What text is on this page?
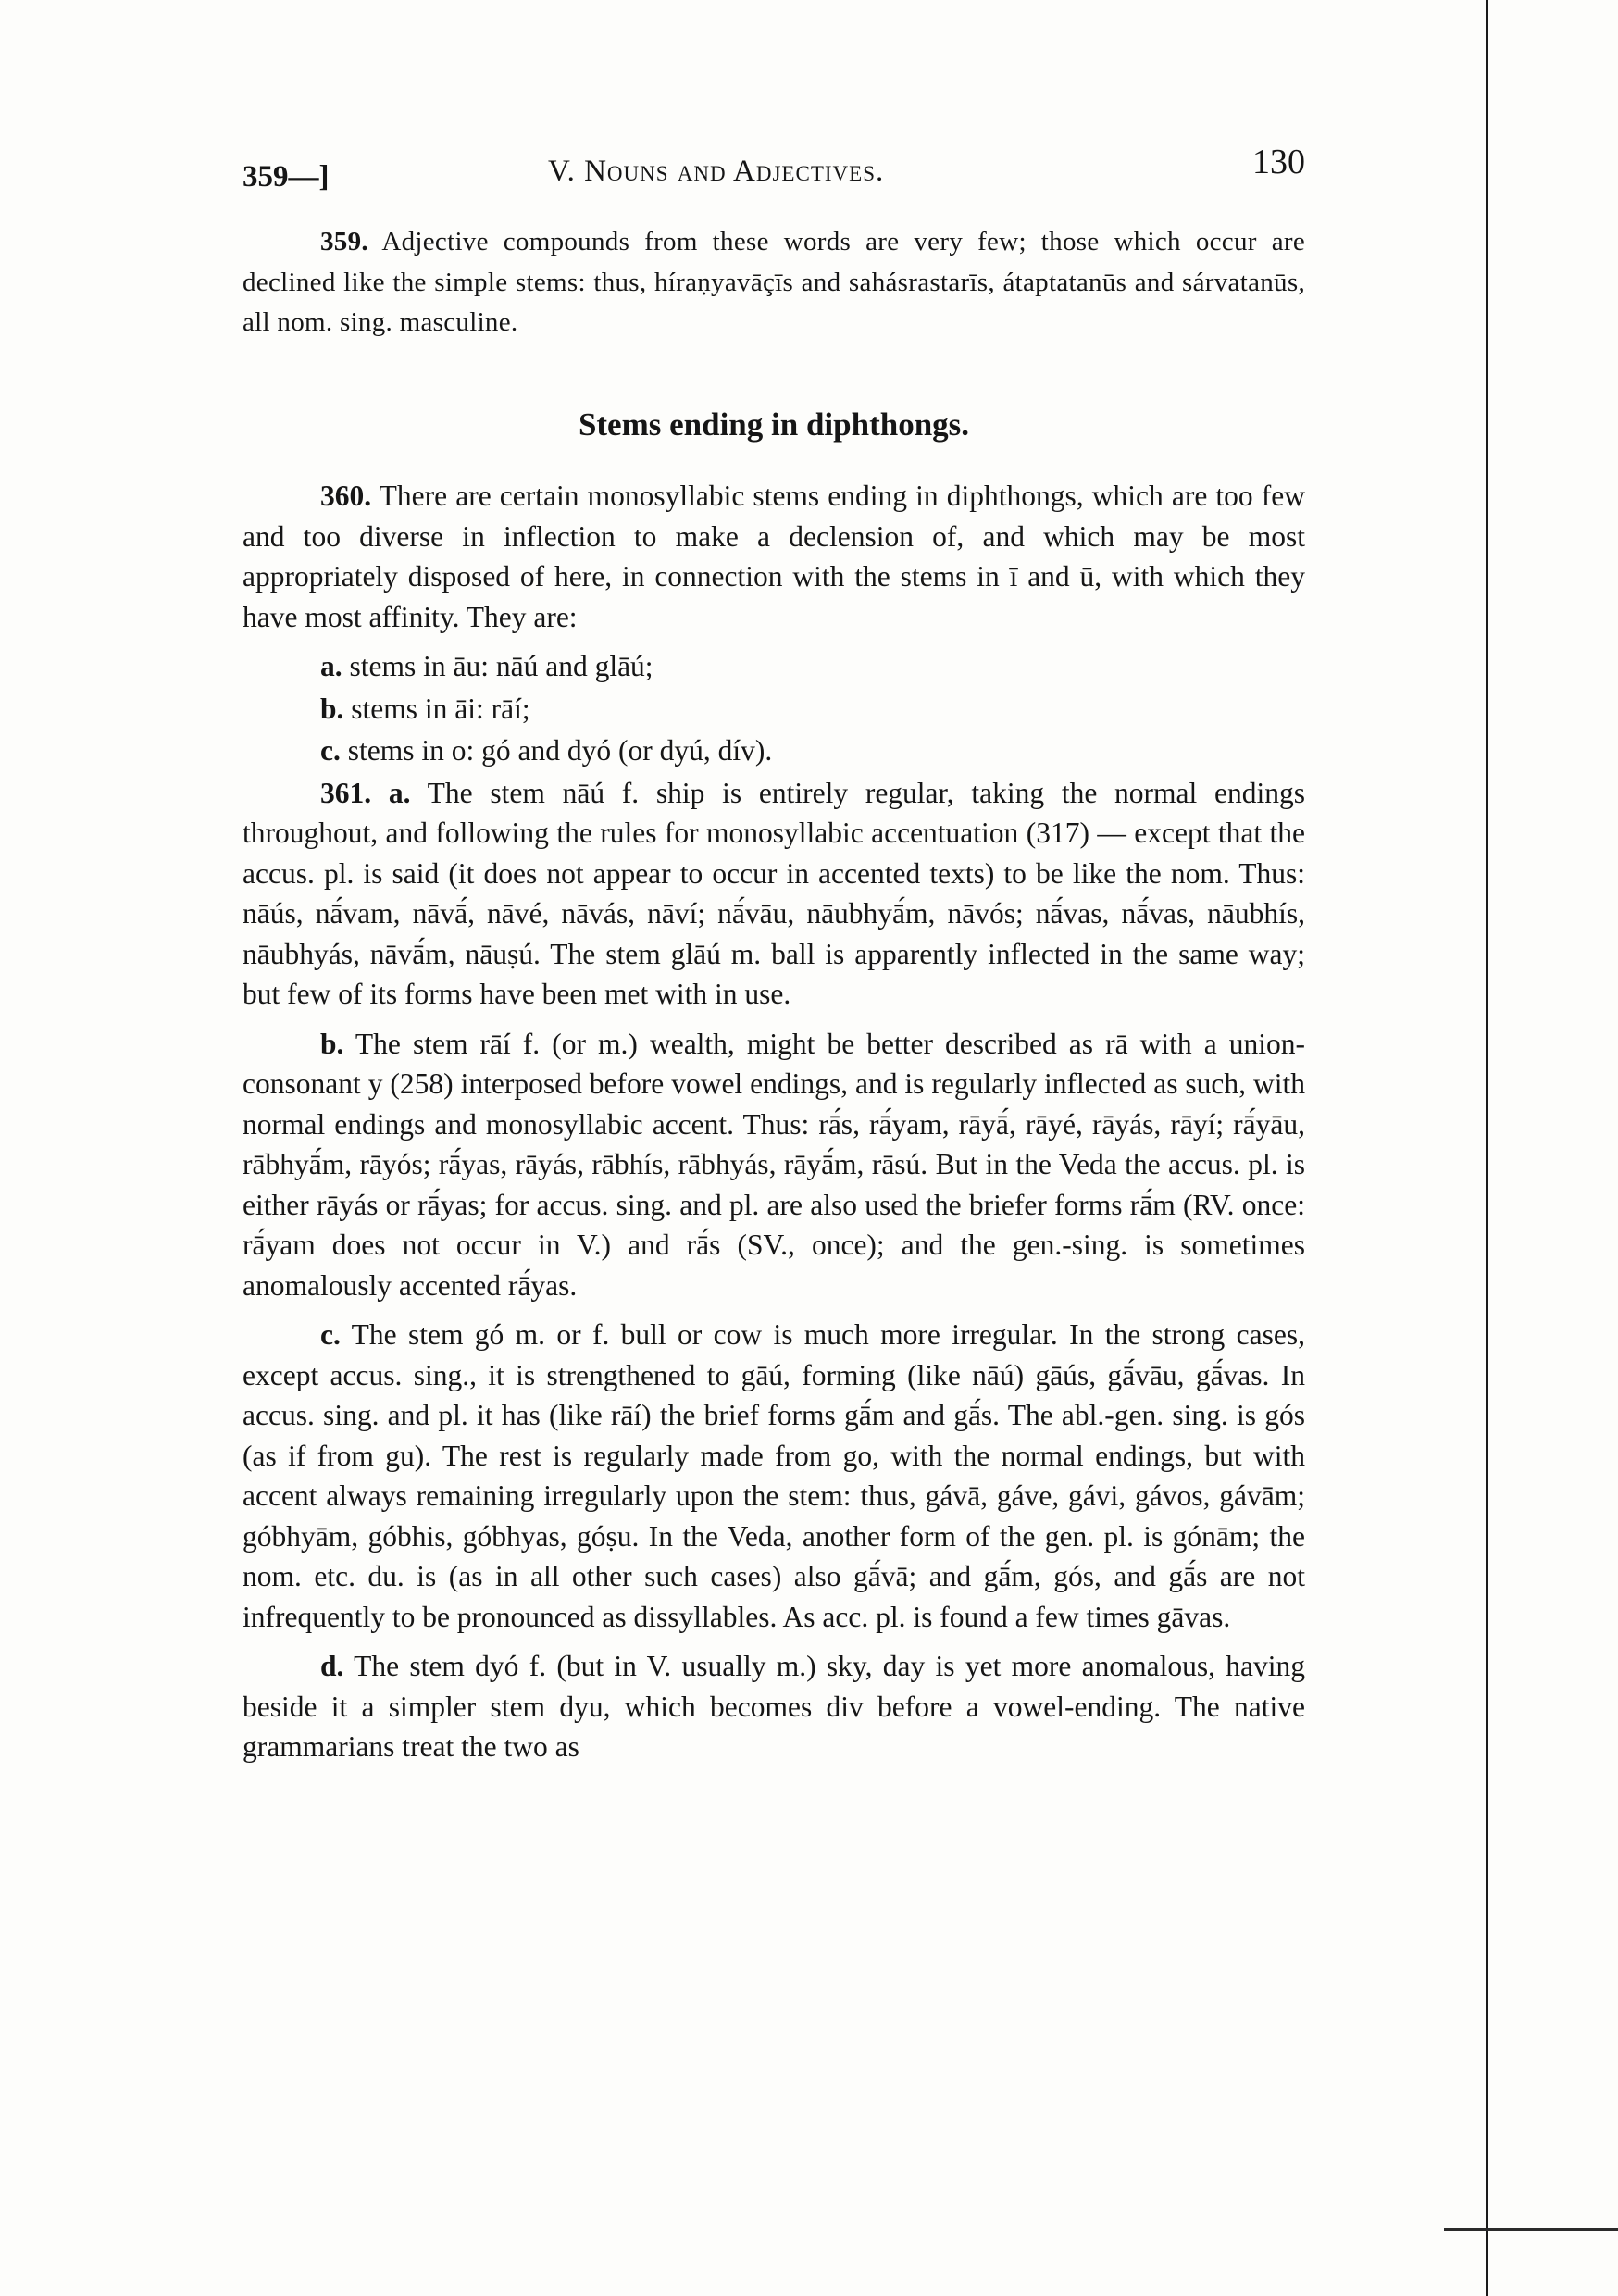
359—]	V. Nouns and Adjectives.	130

359. Adjective compounds from these words are very few; those which occur are declined like the simple stems: thus, híraṇyavāçīs and sahásrastarīs, átaptatanūs and sárvatanūs, all nom. sing. masculine.

Stems ending in diphthongs.

360. There are certain monosyllabic stems ending in diphthongs, which are too few and too diverse in inflection to make a declension of, and which may be most appropriately disposed of here, in connection with the stems in ī and ū, with which they have most affinity. They are:

a. stems in āu: nāú and glāú;
b. stems in āi: rāí;
c. stems in o: gó and dyó (or dyú, dív).

361. a. The stem nāú f. ship is entirely regular, taking the normal endings throughout, and following the rules for monosyllabic accentuation (317) — except that the accus. pl. is said (it does not appear to occur in accented texts) to be like the nom. Thus: nāús, nā́vam, nāvā́, nāvé, nāvás, nāví; nā́vāu, nāubhyā́m, nāvós; nā́vas, nā́vas, nāubhís, nāubhyás, nāvā́m, nāuṣú. The stem glāú m. ball is apparently inflected in the same way; but few of its forms have been met with in use.

b. The stem rāí f. (or m.) wealth, might be better described as rā with a union-consonant y (258) interposed before vowel endings, and is regularly inflected as such, with normal endings and monosyllabic accent. Thus: rā́s, rā́yam, rāyā́, rāyé, rāyás, rāyí; rā́yāu, rābhyā́m, rāyós; rā́yas, rāyás, rābhís, rābhyás, rāyā́m, rāsú. But in the Veda the accus. pl. is either rāyás or rā́yas; for accus. sing. and pl. are also used the briefer forms rā́m (RV. once: rā́yam does not occur in V.) and rā́s (SV., once); and the gen.-sing. is sometimes anomalously accented rā́yas.

c. The stem gó m. or f. bull or cow is much more irregular. In the strong cases, except accus. sing., it is strengthened to gāú, forming (like nāú) gāús, gā́vāu, gā́vas. In accus. sing. and pl. it has (like rāí) the brief forms gā́m and gā́s. The abl.-gen. sing. is gós (as if from gu). The rest is regularly made from go, with the normal endings, but with accent always remaining irregularly upon the stem: thus, gávā, gáve, gávi, gávos, gávām; góbhyām, góbhis, góbhyas, góṣu. In the Veda, another form of the gen. pl. is gónām; the nom. etc. du. is (as in all other such cases) also gā́vā; and gā́m, gós, and gā́s are not infrequently to be pronounced as dissyllables. As acc. pl. is found a few times gāvas.

d. The stem dyó f. (but in V. usually m.) sky, day is yet more anomalous, having beside it a simpler stem dyu, which becomes div before a vowel-ending. The native grammarians treat the two as
